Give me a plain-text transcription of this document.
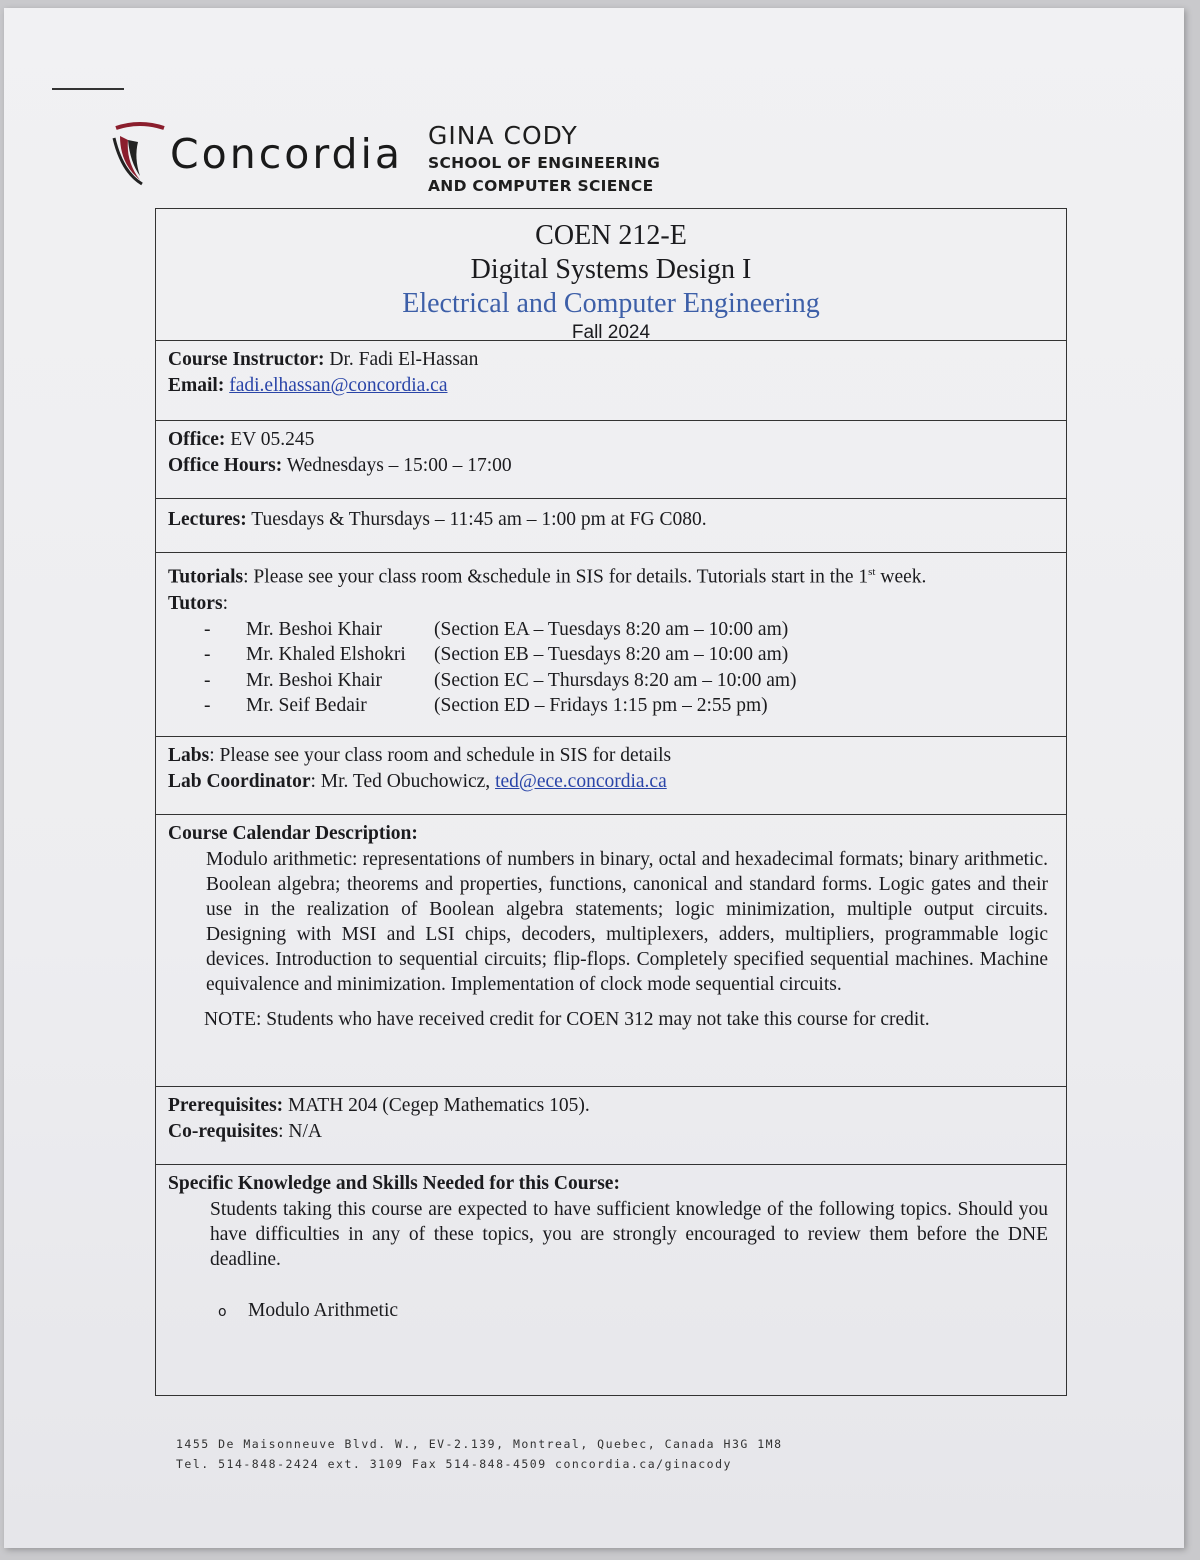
Concordia GINA CODY
SCHOOL OF ENGINEERING
AND COMPUTER SCIENCE
COEN 212-E
Digital Systems Design I
Electrical and Computer Engineering
Fall 2024
Course Instructor: Dr. Fadi El-Hassan
Email: fadi.elhassan@concordia.ca
Office: EV 05.245
Office Hours: Wednesdays – 15:00 – 17:00
Lectures: Tuesdays & Thursdays – 11:45 am – 1:00 pm at FG C080.
Tutorials: Please see your class room &schedule in SIS for details. Tutorials start in the 1st week.
Tutors:
- Mr. Beshoi Khair	(Section EA – Tuesdays 8:20 am – 10:00 am)
- Mr. Khaled Elshokri (Section EB – Tuesdays 8:20 am – 10:00 am)
- Mr. Beshoi Khair	(Section EC – Thursdays 8:20 am – 10:00 am)
- Mr. Seif Bedair	(Section ED – Fridays 1:15 pm – 2:55 pm)
Labs: Please see your class room and schedule in SIS for details
Lab Coordinator: Mr. Ted Obuchowicz, ted@ece.concordia.ca
Course Calendar Description:

Modulo arithmetic: representations of numbers in binary, octal and hexadecimal formats; binary arithmetic. Boolean algebra; theorems and properties, functions, canonical and standard forms. Logic gates and their use in the realization of Boolean algebra statements; logic minimization, multiple output circuits. Designing with MSI and LSI chips, decoders, multiplexers, adders, multipliers, programmable logic devices. Introduction to sequential circuits; flip-flops. Completely specified sequential machines. Machine equivalence and minimization. Implementation of clock mode sequential circuits.

NOTE: Students who have received credit for COEN 312 may not take this course for credit.
Prerequisites: MATH 204 (Cegep Mathematics 105).
Co-requisites: N/A
Specific Knowledge and Skills Needed for this Course:

Students taking this course are expected to have sufficient knowledge of the following topics. Should you have difficulties in any of these topics, you are strongly encouraged to review them before the DNE deadline.

o Modulo Arithmetic
1455 De Maisonneuve Blvd. W., EV-2.139, Montreal, Quebec, Canada H3G 1M8
Tel. 514-848-2424 ext. 3109 Fax 514-848-4509 concordia.ca/ginacody
